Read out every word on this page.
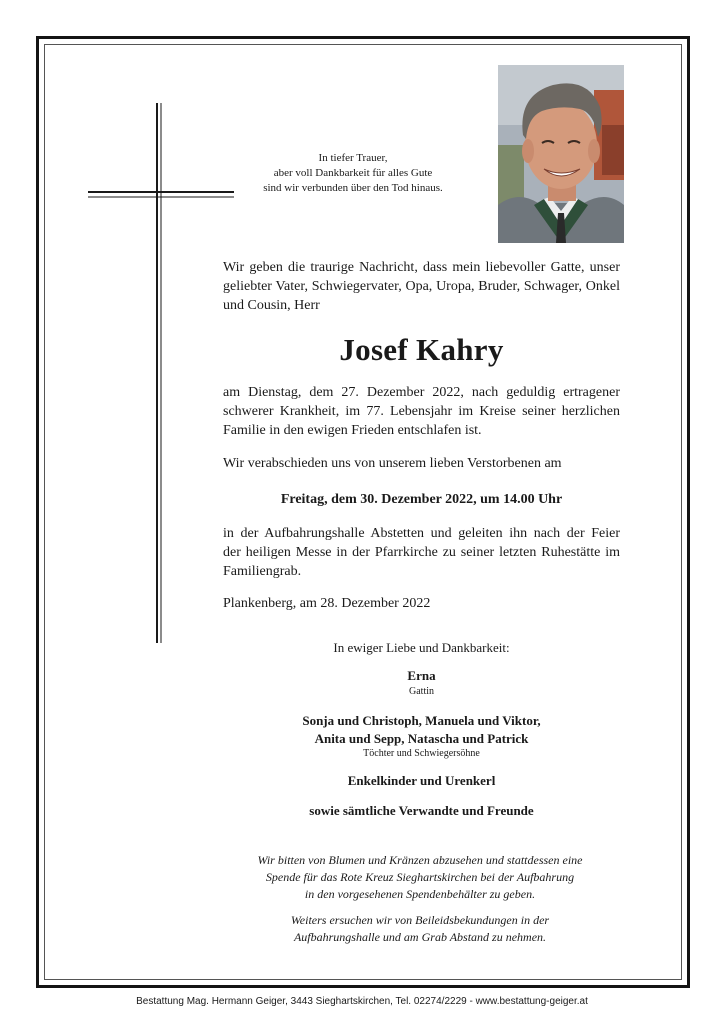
In tiefer Trauer,
aber voll Dankbarkeit für alles Gute
sind wir verbunden über den Tod hinaus.
Wir geben die traurige Nachricht, dass mein liebevoller Gatte, unser
geliebter Vater, Schwiegervater, Opa, Uropa, Bruder, Schwager, Onkel
und Cousin, Herr
Josef Kahry
am Dienstag, dem 27. Dezember 2022, nach geduldig ertragener
schwerer Krankheit, im 77. Lebensjahr im Kreise seiner herzlichen
Familie in den ewigen Frieden entschlafen ist.
Wir verabschieden uns von unserem lieben Verstorbenen am
Freitag, dem 30. Dezember 2022, um 14.00 Uhr
in der Aufbahrungshalle Abstetten und geleiten ihn nach der Feier
der heiligen Messe in der Pfarrkirche zu seiner letzten Ruhestätte im
Familiengrab.
Plankenberg, am 28. Dezember 2022
In ewiger Liebe und Dankbarkeit:
Erna
Gattin
Sonja und Christoph, Manuela und Viktor,
Anita und Sepp, Natascha und Patrick
Töchter und Schwiegersöhne
Enkelkinder und Urenkerl
sowie sämtliche Verwandte und Freunde
Wir bitten von Blumen und Kränzen abzusehen und stattdessen eine
Spende für das Rote Kreuz Sieghartskirchen bei der Aufbahrung
in den vorgesehenen Spendenbehälter zu geben.
Weiters ersuchen wir von Beileidsbekundungen in der
Aufbahrungshalle und am Grab Abstand zu nehmen.
Bestattung Mag. Hermann Geiger, 3443 Sieghartskirchen, Tel. 02274/2229 - www.bestattung-geiger.at
